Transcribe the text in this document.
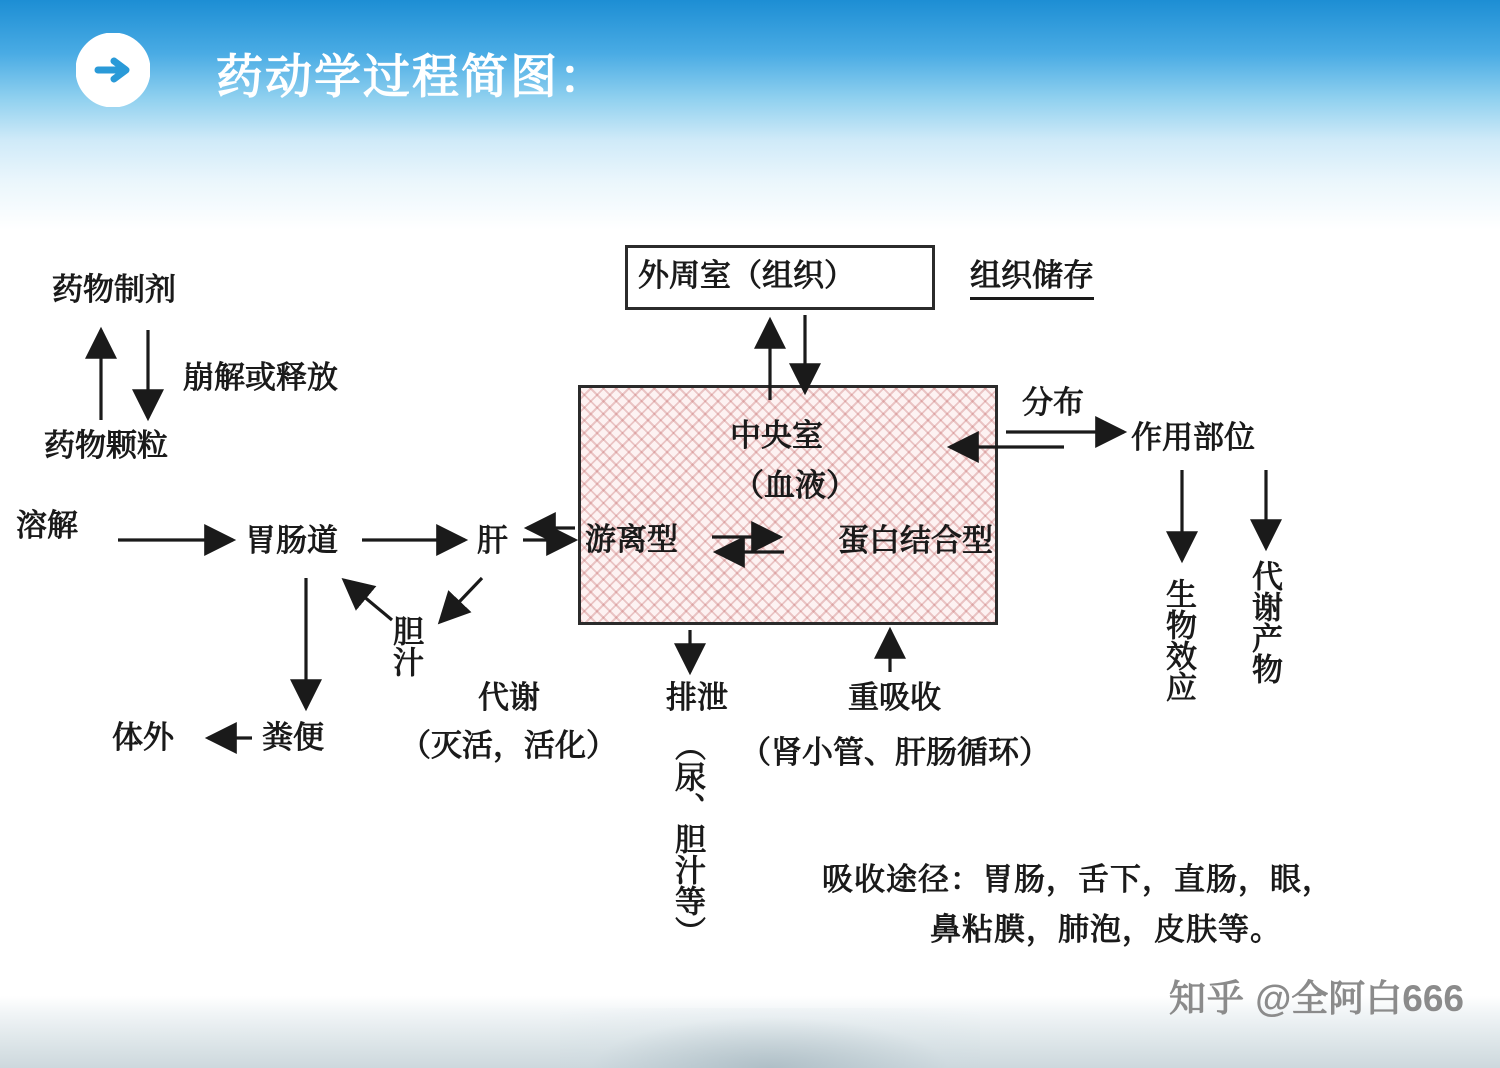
药动学过程简图：
外周室（组织）
中央室
（血液）
游离型	蛋白结合型
药物制剂
崩解或释放
药物颗粒
溶解	胃肠道	肝
胆汁
代谢
（灭活，活化）
粪便
体外
排泄
（尿、胆汁等）
重吸收
（肾小管、肝肠循环）
组织储存
分布
作用部位
生物效应 代谢产物
吸收途径：胃肠，舌下，直肠，眼，
鼻粘膜，肺泡，皮肤等。
知乎 @全阿白666
